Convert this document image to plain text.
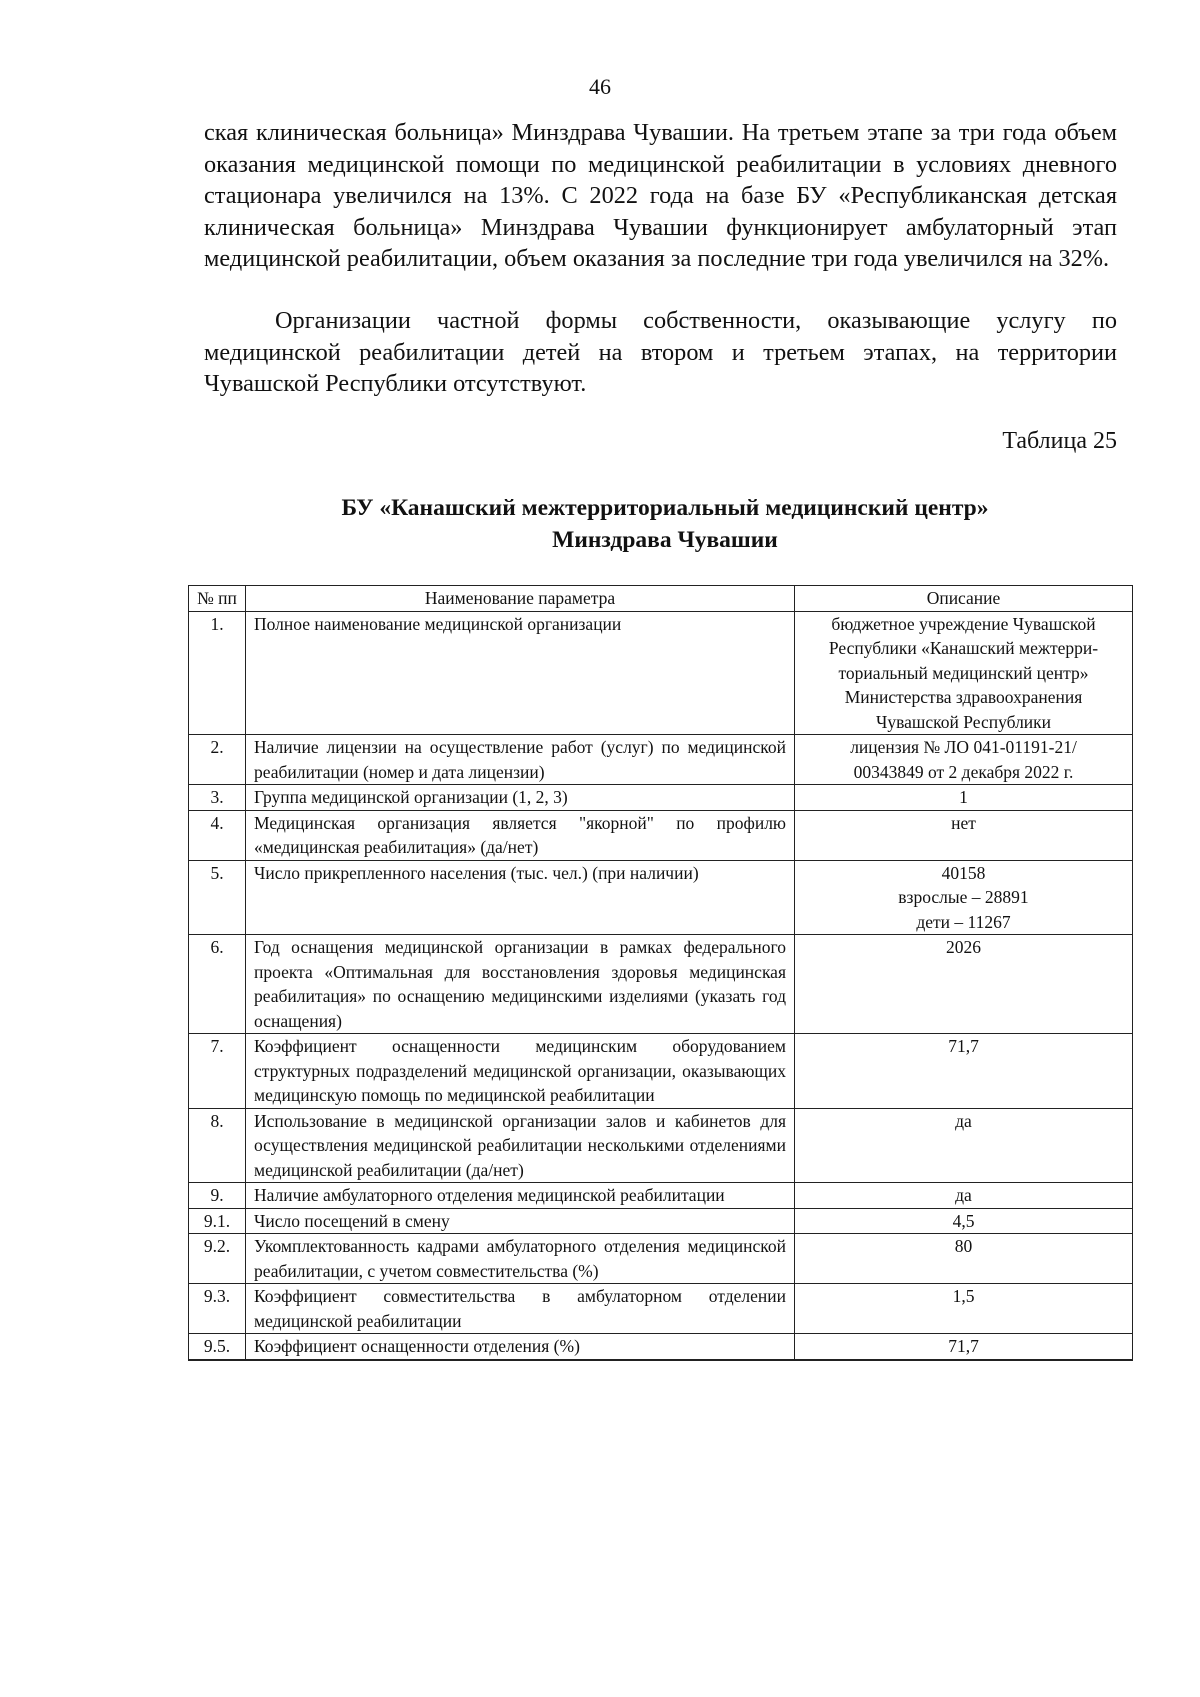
46

ская клиническая больница» Минздрава Чувашии. На третьем этапе за три года объем оказания медицинской помощи по медицинской реабилитации в условиях дневного стационара увеличился на 13%. С 2022 года на базе БУ «Республиканская детская клиническая больница» Минздрава Чувашии функционирует амбулаторный этап медицинской реабилитации, объем оказания за последние три года увеличился на 32%.

Организации частной формы собственности, оказывающие услугу по медицинской реабилитации детей на втором и третьем этапах, на территории Чувашской Республики отсутствуют.

Таблица 25
БУ «Канашский межтерриториальный медицинский центр»
Минздрава Чувашии
№ пп	Наименование параметра	Описание
1.	Полное наименование медицинской организации	бюджетное учреждение Чувашской
Республики «Канашский межтерри-
ториальный медицинский центр»
Министерства здравоохранения
Чувашской Республики

2.	Наличие лицензии на осуществление работ (услуг) по медицинской реабилитации (номер и дата лицензии)	лицензия № ЛО 041-01191-21/
00343849 от 2 декабря 2022 г.

3.	Группа медицинской организации (1, 2, 3)	1

4.	Медицинская организация является "якорной" по профилю «медицинская реабилитация» (да/нет)	нет

5.	Число прикрепленного населения (тыс. чел.) (при наличии)	40158
взрослые – 28891
дети – 11267

6.	Год оснащения медицинской организации в рамках федерального проекта «Оптимальная для восстановления здоровья медицинская реабилитация» по оснащению медицинскими изделиями (указать год оснащения)	2026

7.	Коэффициент оснащенности медицинским оборудованием структурных подразделений медицинской организации, оказывающих медицинскую помощь по медицинской реабилитации	71,7

8.	Использование в медицинской организации залов и кабинетов для осуществления медицинской реабилитации несколькими отделениями медицинской реабилитации (да/нет)	да

9.	Наличие амбулаторного отделения медицинской реабилитации	да

9.1.	Число посещений в смену	4,5

9.2.	Укомплектованность кадрами амбулаторного отделения медицинской реабилитации, с учетом совместительства (%)	80

9.3.	Коэффициент совместительства в амбулаторном отделении медицинской реабилитации	1,5

9.5.	Коэффициент оснащенности отделения (%)	71,7
